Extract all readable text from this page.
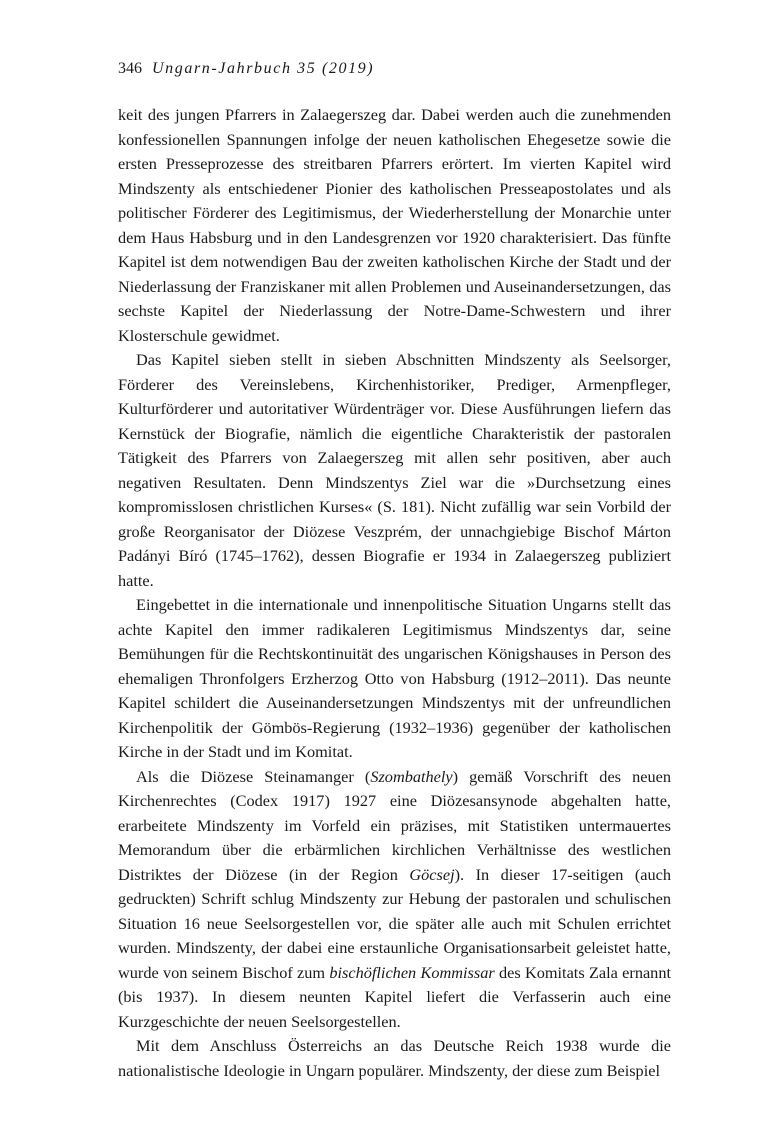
346 Ungarn-Jahrbuch 35 (2019)

keit des jungen Pfarrers in Zalaegerszeg dar. Dabei werden auch die zunehmenden konfessionellen Spannungen infolge der neuen katholischen Ehegesetze sowie die ersten Presseprozesse des streitbaren Pfarrers erörtert. Im vierten Kapitel wird Mindszenty als entschiedener Pionier des katholischen Presseapostolates und als politischer Förderer des Legitimismus, der Wiederherstellung der Monarchie unter dem Haus Habsburg und in den Landesgrenzen vor 1920 charakterisiert. Das fünfte Kapitel ist dem notwendigen Bau der zweiten katholischen Kirche der Stadt und der Niederlassung der Franziskaner mit allen Problemen und Auseinandersetzungen, das sechste Kapitel der Niederlassung der Notre-Dame-Schwestern und ihrer Klosterschule gewidmet.

Das Kapitel sieben stellt in sieben Abschnitten Mindszenty als Seelsorger, Förderer des Vereinslebens, Kirchenhistoriker, Prediger, Armenpfleger, Kulturförderer und autoritativer Würdenträger vor. Diese Ausführungen liefern das Kernstück der Biografie, nämlich die eigentliche Charakteristik der pastoralen Tätigkeit des Pfarrers von Zalaegerszeg mit allen sehr positiven, aber auch negativen Resultaten. Denn Mindszentys Ziel war die »Durchsetzung eines kompromisslosen christlichen Kurses« (S. 181). Nicht zufällig war sein Vorbild der große Reorganisator der Diözese Veszprém, der unnachgiebige Bischof Márton Padányi Bíró (1745–1762), dessen Biografie er 1934 in Zalaegerszeg publiziert hatte.

Eingebettet in die internationale und innenpolitische Situation Ungarns stellt das achte Kapitel den immer radikaleren Legitimismus Mindszentys dar, seine Bemühungen für die Rechtskontinuität des ungarischen Königshauses in Person des ehemaligen Thronfolgers Erzherzog Otto von Habsburg (1912–2011). Das neunte Kapitel schildert die Auseinandersetzungen Mindszentys mit der unfreundlichen Kirchenpolitik der Gömbös-Regierung (1932–1936) gegenüber der katholischen Kirche in der Stadt und im Komitat.

Als die Diözese Steinamanger (Szombathely) gemäß Vorschrift des neuen Kirchenrechtes (Codex 1917) 1927 eine Diözesansynode abgehalten hatte, erarbeitete Mindszenty im Vorfeld ein präzises, mit Statistiken untermauertes Memorandum über die erbärmlichen kirchlichen Verhältnisse des westlichen Distriktes der Diözese (in der Region Göcsej). In dieser 17-seitigen (auch gedruckten) Schrift schlug Mindszenty zur Hebung der pastoralen und schulischen Situation 16 neue Seelsorgestellen vor, die später alle auch mit Schulen errichtet wurden. Mindszenty, der dabei eine erstaunliche Organisationsarbeit geleistet hatte, wurde von seinem Bischof zum bischöflichen Kommissar des Komitats Zala ernannt (bis 1937). In diesem neunten Kapitel liefert die Verfasserin auch eine Kurzgeschichte der neuen Seelsorgestellen.

Mit dem Anschluss Österreichs an das Deutsche Reich 1938 wurde die nationalistische Ideologie in Ungarn populärer. Mindszenty, der diese zum Beispiel
